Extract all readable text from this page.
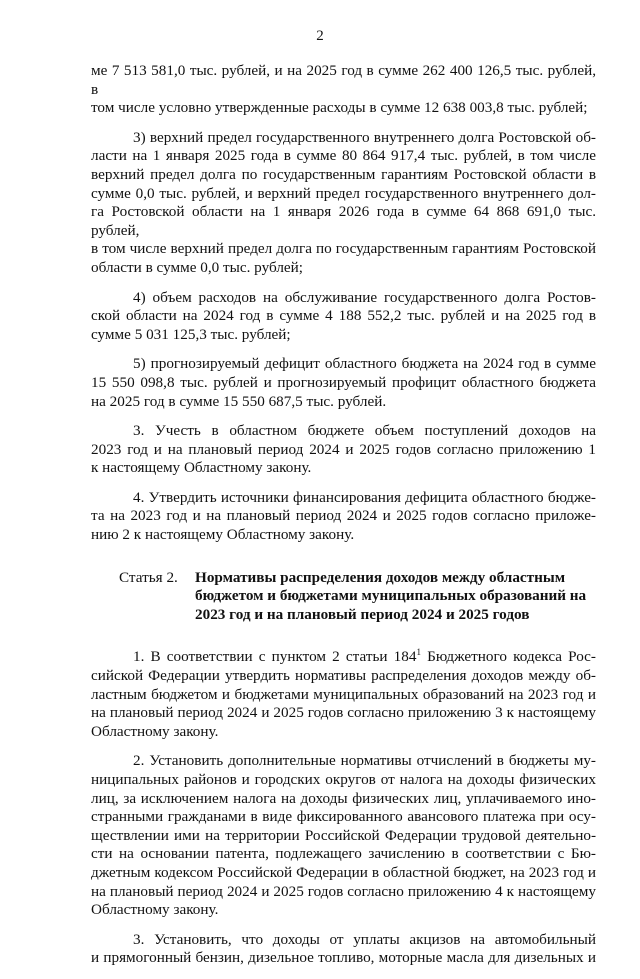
2
ме 7 513 581,0 тыс. рублей, и на 2025 год в сумме 262 400 126,5 тыс. рублей, в
том числе условно утвержденные расходы в сумме 12 638 003,8 тыс. рублей;
3) верхний предел государственного внутреннего долга Ростовской об-
ласти на 1 января 2025 года в сумме 80 864 917,4 тыс. рублей, в том числе
верхний предел долга по государственным гарантиям Ростовской области в
сумме 0,0 тыс. рублей, и верхний предел государственного внутреннего дол-
га Ростовской области на 1 января 2026 года в сумме 64 868 691,0 тыс. рублей,
в том числе верхний предел долга по государственным гарантиям Ростовской
области в сумме 0,0 тыс. рублей;
4) объем расходов на обслуживание государственного долга Ростов-
ской области на 2024 год в сумме 4 188 552,2 тыс. рублей и на 2025 год в
сумме 5 031 125,3 тыс. рублей;
5) прогнозируемый дефицит областного бюджета на 2024 год в сумме
15 550 098,8 тыс. рублей и прогнозируемый профицит областного бюджета
на 2025 год в сумме 15 550 687,5 тыс. рублей.
3. Учесть в областном бюджете объем поступлений доходов на
2023 год и на плановый период 2024 и 2025 годов согласно приложению 1
к настоящему Областному закону.
4. Утвердить источники финансирования дефицита областного бюдже-
та на 2023 год и на плановый период 2024 и 2025 годов согласно приложе-
нию 2 к настоящему Областному закону.
Статья 2.	Нормативы распределения доходов между областным
бюджетом и бюджетами муниципальных образований на
2023 год и на плановый период 2024 и 2025 годов
1. В соответствии с пунктом 2 статьи $184^1$ Бюджетного кодекса Рос-
сийской Федерации утвердить нормативы распределения доходов между об-
ластным бюджетом и бюджетами муниципальных образований на 2023 год и
на плановый период 2024 и 2025 годов согласно приложению 3 к настоящему
Областному закону.
2. Установить дополнительные нормативы отчислений в бюджеты му-
ниципальных районов и городских округов от налога на доходы физических
лиц, за исключением налога на доходы физических лиц, уплачиваемого ино-
странными гражданами в виде фиксированного авансового платежа при осу-
ществлении ими на территории Российской Федерации трудовой деятельно-
сти на основании патента, подлежащего зачислению в соответствии с Бю-
джетным кодексом Российской Федерации в областной бюджет, на 2023 год и
на плановый период 2024 и 2025 годов согласно приложению 4 к настоящему
Областному закону.
3. Установить, что доходы от уплаты акцизов на автомобильный
и прямогонный бензин, дизельное топливо, моторные масла для дизельных и
